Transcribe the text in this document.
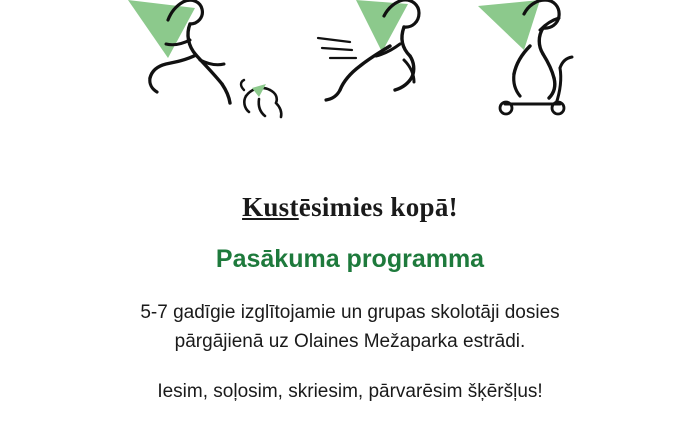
Kustēsimies kopā!
Pasākuma programma

5-7 gadīgie izglītojamie un grupas skolotāji dosies
pārgājienā uz Olaines Mežaparka estrādi.

Iesim, soļosim, skriesim, pārvarēsim šķēršļus!
